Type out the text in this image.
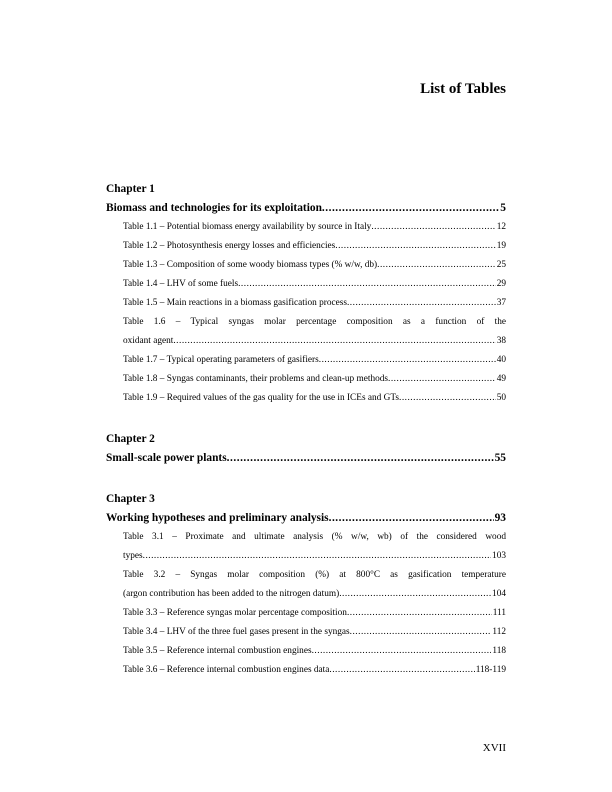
List of Tables

Chapter 1

Biomass and technologies for its exploitation .....	5
Table 1.1 – Potential biomass energy availability by source in Italy .....	12
Table 1.2 – Photosynthesis energy losses and efficiencies .....	19
Table 1.3 – Composition of some woody biomass types (% w/w, db) .....	25
Table 1.4 – LHV of some fuels .....	29
Table 1.5 – Main reactions in a biomass gasification process .....	37
Table 1.6 – Typical syngas molar percentage composition as a function of the
oxidant agent .....	38
Table 1.7 – Typical operating parameters of gasifiers .....	40
Table 1.8 – Syngas contaminants, their problems and clean-up methods .....	49
Table 1.9 – Required values of the gas quality for the use in ICEs and GTs .....	50

Chapter 2

Small-scale power plants .....	55

Chapter 3

Working hypotheses and preliminary analysis .....	93
Table 3.1 – Proximate and ultimate analysis (% w/w, wb) of the considered wood
types .....	103
Table 3.2 – Syngas molar composition (%) at 800°C as gasification temperature
(argon contribution has been added to the nitrogen datum) .....	104
Table 3.3 – Reference syngas molar percentage composition .....	111
Table 3.4 – LHV of the three fuel gases present in the syngas .....	112
Table 3.5 – Reference internal combustion engines .....	118
Table 3.6 – Reference internal combustion engines data .....	118-119
XVII
